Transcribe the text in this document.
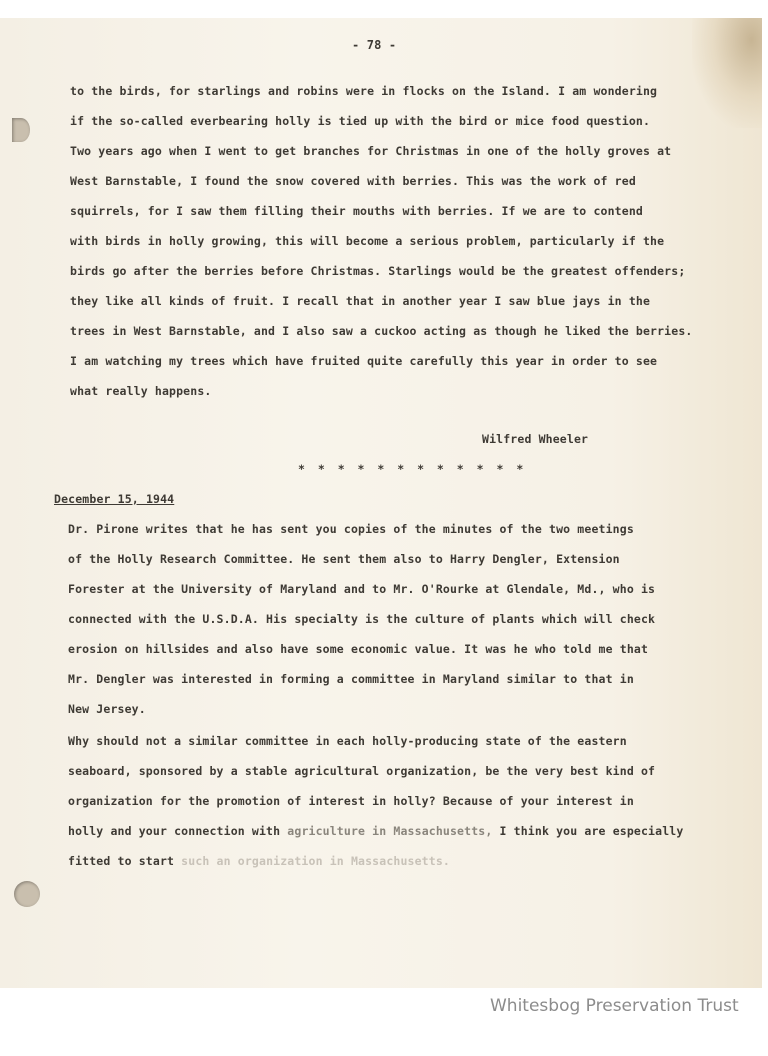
- 78 -
to the birds, for starlings and robins were in flocks on the Island. I am wondering
if the so-called everbearing holly is tied up with the bird or mice food question.
Two years ago when I went to get branches for Christmas in one of the holly groves at
West Barnstable, I found the snow covered with berries. This was the work of red
squirrels, for I saw them filling their mouths with berries. If we are to contend
with birds in holly growing, this will become a serious problem, particularly if the
birds go after the berries before Christmas. Starlings would be the greatest offenders;
they like all kinds of fruit. I recall that in another year I saw blue jays in the
trees in West Barnstable, and I also saw a cuckoo acting as though he liked the berries.
I am watching my trees which have fruited quite carefully this year in order to see
what really happens.
Wilfred Wheeler
* * * * * * * * * * * *
December 15, 1944
Dr. Pirone writes that he has sent you copies of the minutes of the two meetings
of the Holly Research Committee. He sent them also to Harry Dengler, Extension
Forester at the University of Maryland and to Mr. O'Rourke at Glendale, Md., who is
connected with the U.S.D.A. His specialty is the culture of plants which will check
erosion on hillsides and also have some economic value. It was he who told me that
Mr. Dengler was interested in forming a committee in Maryland similar to that in
New Jersey.
Why should not a similar committee in each holly-producing state of the eastern
seaboard, sponsored by a stable agricultural organization, be the very best kind of
organization for the promotion of interest in holly? Because of your interest in
holly and your connection with agriculture in Massachusetts, I think you are especially
fitted to start such an organization in Massachusetts.
Whitesbog Preservation Trust
